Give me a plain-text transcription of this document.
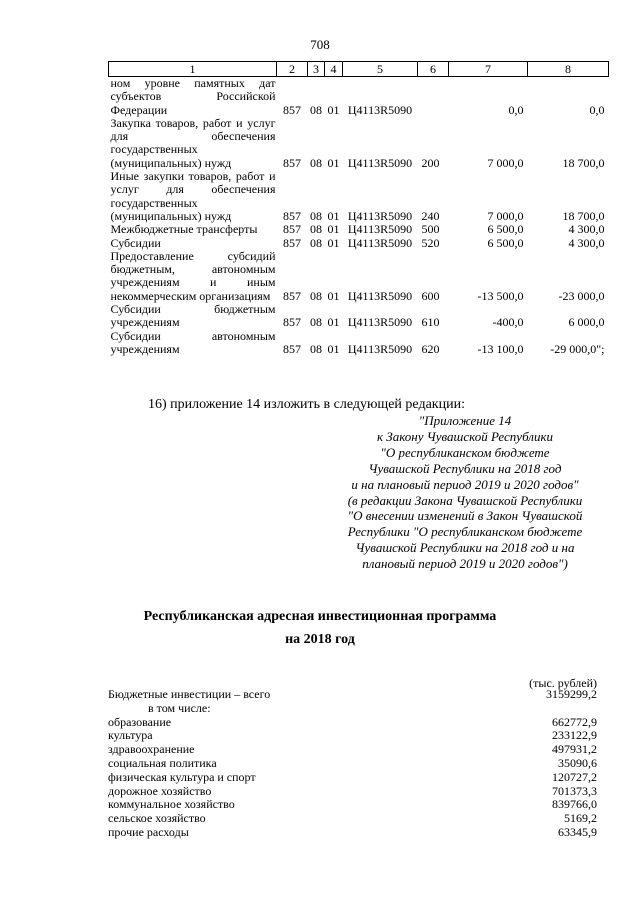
708
1	2	3	4	5	6	7	8
ном уровне памятных дат субъектов Российской Федерации	857	08	01	Ц4113R5090		0,0	0,0
Закупка товаров, работ и услуг для обеспечения государственных (муниципальных) нужд	857	08	01	Ц4113R5090	200	7 000,0	18 700,0
Иные закупки товаров, работ и услуг для обеспечения государственных (муниципальных) нужд	857	08	01	Ц4113R5090	240	7 000,0	18 700,0
Межбюджетные трансферты	857	08	01	Ц4113R5090	500	6 500,0	4 300,0
Субсидии	857	08	01	Ц4113R5090	520	6 500,0	4 300,0
Предоставление субсидий бюджетным, автономным учреждениям и иным некоммерческим организациям	857	08	01	Ц4113R5090	600	-13 500,0	-23 000,0
Субсидии бюджетным учреждениям	857	08	01	Ц4113R5090	610	-400,0	6 000,0
Субсидии автономным учреждениям	857	08	01	Ц4113R5090	620	-13 100,0	-29 000,0";
16) приложение 14 изложить в следующей редакции:
"Приложение 14
к Закону Чувашской Республики
"О республиканском бюджете
Чувашской Республики на 2018 год
и на плановый период 2019 и 2020 годов"
(в редакции Закона Чувашской Республики
"О внесении изменений в Закон Чувашской
Республики "О республиканском бюджете
Чувашской Республики на 2018 год и на
плановый период 2019 и 2020 годов")
Республиканская адресная инвестиционная программа
на 2018 год
(тыс. рублей)
Бюджетные инвестиции – всего	3159299,2
в том числе:
образование	662772,9
культура	233122,9
здравоохранение	497931,2
социальная политика	35090,6
физическая культура и спорт	120727,2
дорожное хозяйство	701373,3
коммунальное хозяйство	839766,0
сельское хозяйство	5169,2
прочие расходы	63345,9
